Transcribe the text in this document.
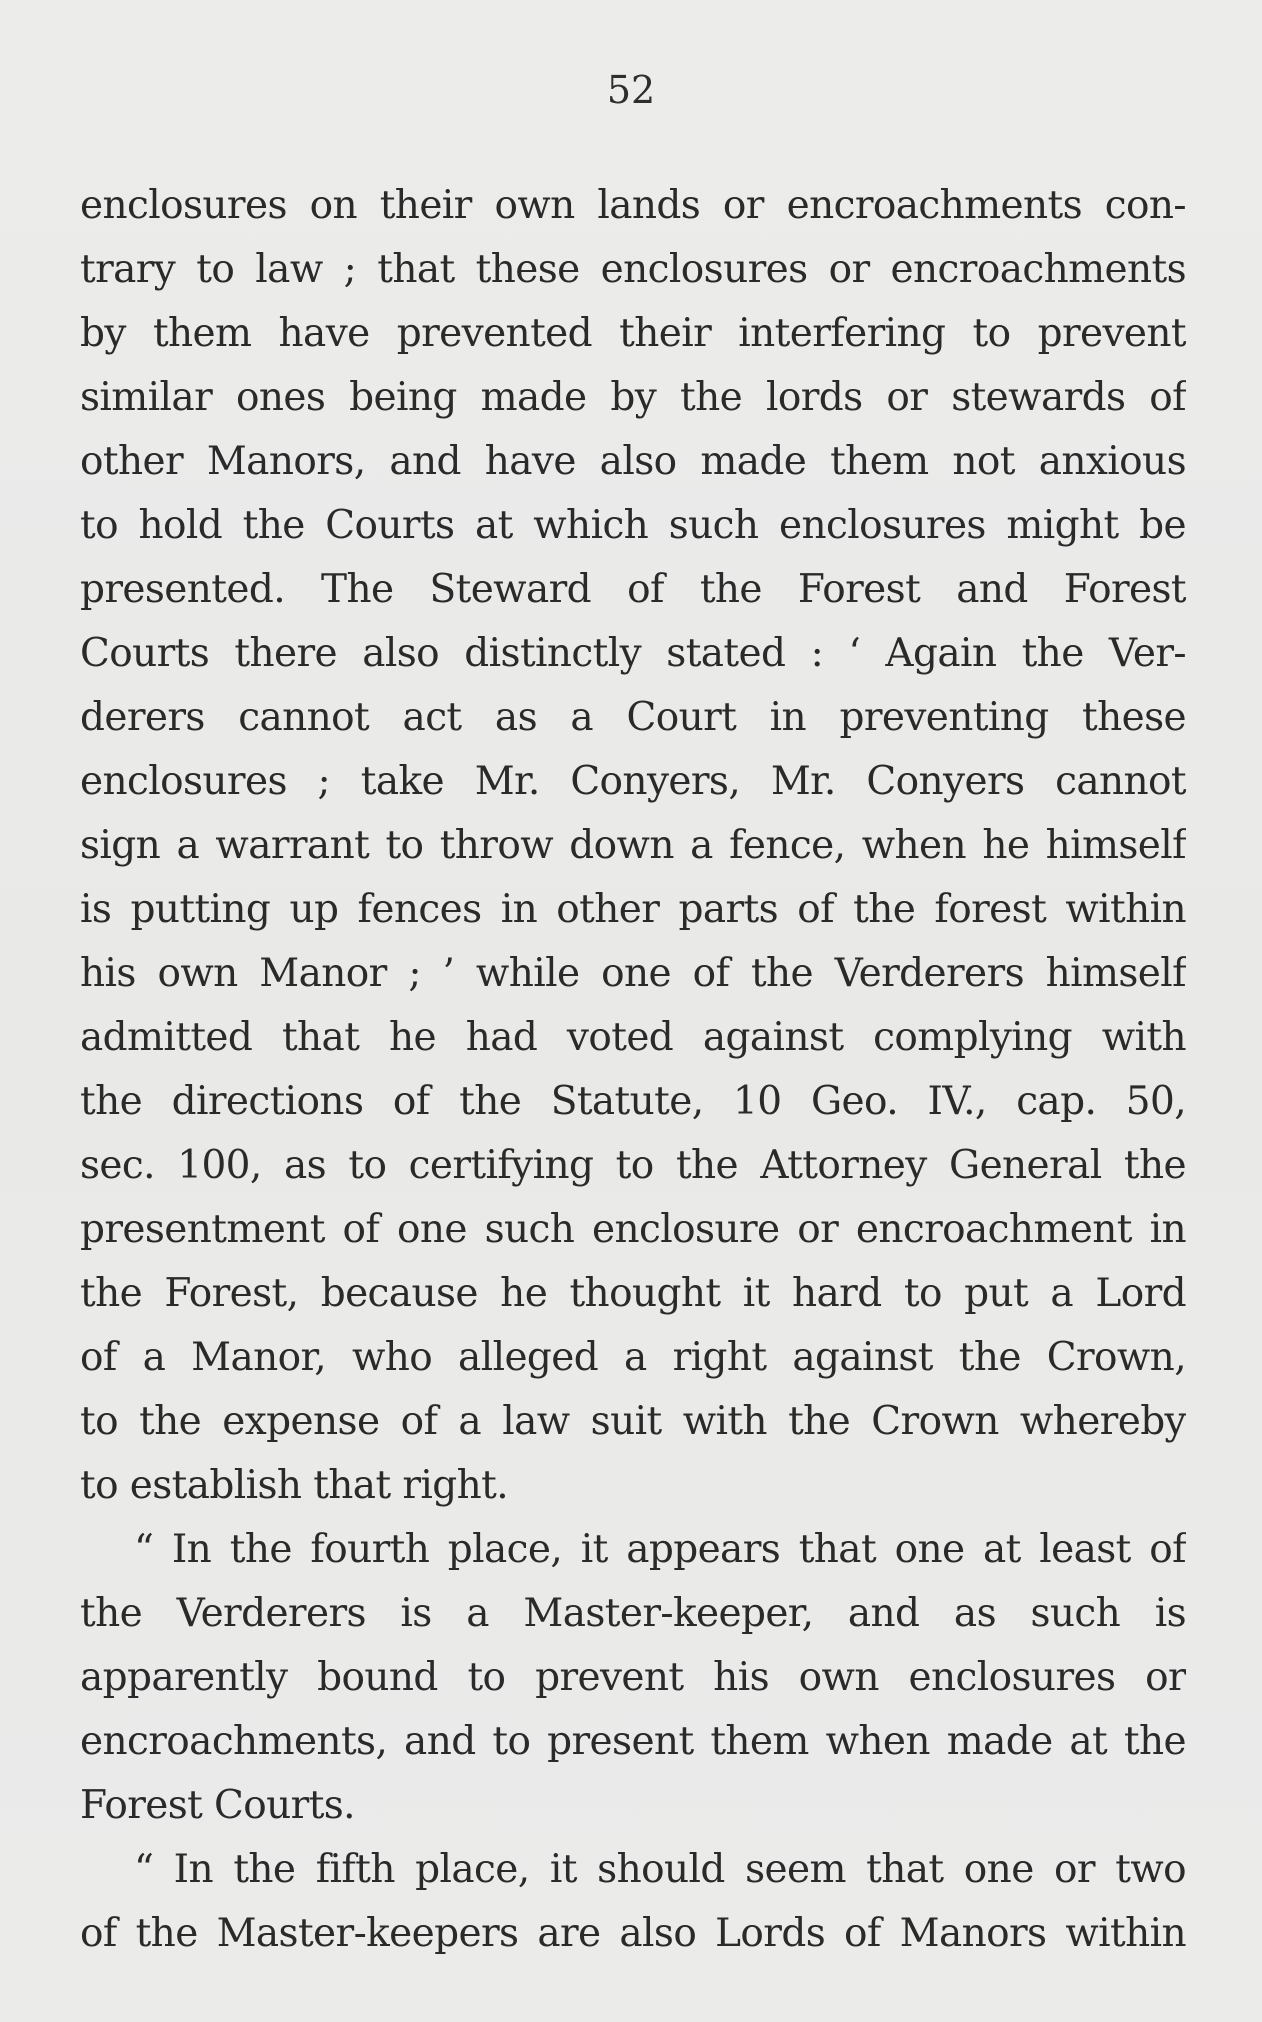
52
enclosures on their own lands or encroachments con-
trary to law ; that these enclosures or encroachments
by them have prevented their interfering to prevent
similar ones being made by the lords or stewards of
other Manors, and have also made them not anxious
to hold the Courts at which such enclosures might be
presented. The Steward of the Forest and Forest
Courts there also distinctly stated : ‘ Again the Ver-
derers cannot act as a Court in preventing these
enclosures ; take Mr. Conyers, Mr. Conyers cannot
sign a warrant to throw down a fence, when he himself
is putting up fences in other parts of the forest within
his own Manor ; ’ while one of the Verderers himself
admitted that he had voted against complying with
the directions of the Statute, 10 Geo. IV., cap. 50,
sec. 100, as to certifying to the Attorney General the
presentment of one such enclosure or encroachment in
the Forest, because he thought it hard to put a Lord
of a Manor, who alleged a right against the Crown,
to the expense of a law suit with the Crown whereby
to establish that right.
“ In the fourth place, it appears that one at least of
the Verderers is a Master-keeper, and as such is
apparently bound to prevent his own enclosures or
encroachments, and to present them when made at the
Forest Courts.
“ In the fifth place, it should seem that one or two
of the Master-keepers are also Lords of Manors within
